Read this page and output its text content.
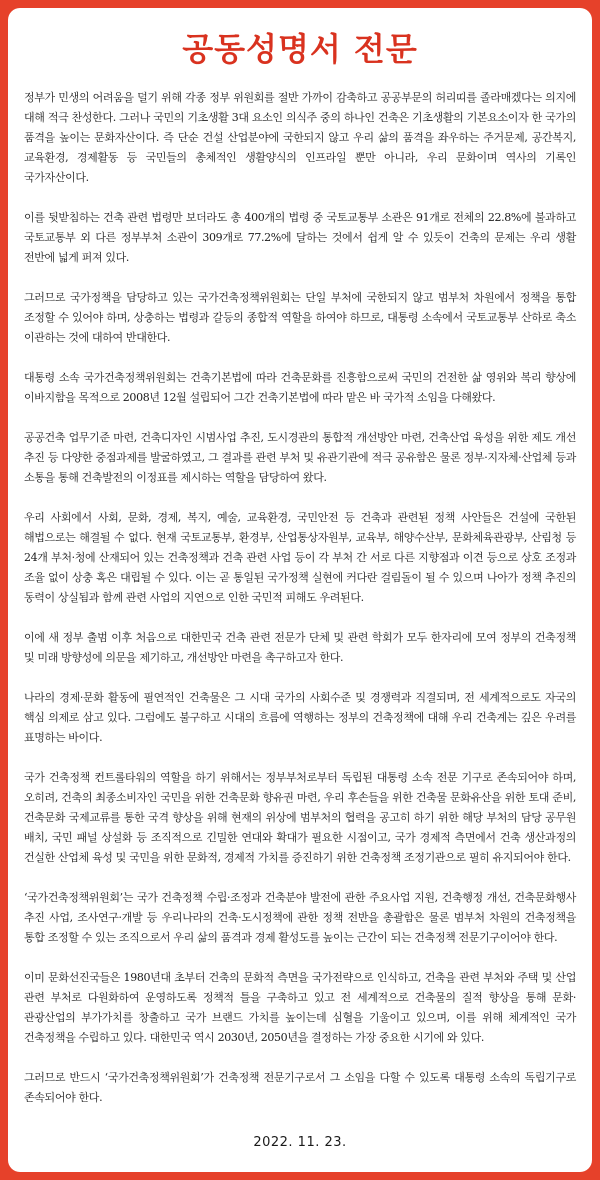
공동성명서 전문

정부가 민생의 어려움을 덜기 위해 각종 정부 위원회를 절반 가까이 감축하고 공공부문의 허리띠를 졸라매겠다는 의지에 대해 적극 찬성한다. 그러나 국민의 기초생활 3대 요소인 의식주 중의 하나인 건축은 기초생활의 기본요소이자 한 국가의 품격을 높이는 문화자산이다. 즉 단순 건설 산업분야에 국한되지 않고 우리 삶의 품격을 좌우하는 주거문제, 공간복지, 교육환경, 경제활동 등 국민들의 총체적인 생활양식의 인프라일 뿐만 아니라, 우리 문화이며 역사의 기록인 국가자산이다.

이를 뒷받침하는 건축 관련 법령만 보더라도 총 400개의 법령 중 국토교통부 소관은 91개로 전체의 22.8%에 불과하고 국토교통부 외 다른 정부부처 소관이 309개로 77.2%에 달하는 것에서 쉽게 알 수 있듯이 건축의 문제는 우리 생활 전반에 넓게 퍼져 있다.

그러므로 국가정책을 담당하고 있는 국가건축정책위원회는 단일 부처에 국한되지 않고 범부처 차원에서 정책을 통합 조정할 수 있어야 하며, 상충하는 법령과 갈등의 종합적 역할을 하여야 하므로, 대통령 소속에서 국토교통부 산하로 축소 이관하는 것에 대하여 반대한다.

대통령 소속 국가건축정책위원회는 건축기본법에 따라 건축문화를 진흥함으로써 국민의 건전한 삶 영위와 복리 향상에 이바지함을 목적으로 2008년 12월 설립되어 그간 건축기본법에 따라 맡은 바 국가적 소임을 다해왔다.

공공건축 업무기준 마련, 건축디자인 시범사업 추진, 도시경관의 통합적 개선방안 마련, 건축산업 육성을 위한 제도 개선 추진 등 다양한 중점과제를 발굴하였고, 그 결과를 관련 부처 및 유관기관에 적극 공유함은 물론 정부·지자체·산업체 등과 소통을 통해 건축발전의 이정표를 제시하는 역할을 담당하여 왔다.

우리 사회에서 사회, 문화, 경제, 복지, 예술, 교육환경, 국민안전 등 건축과 관련된 정책 사안들은 건설에 국한된 해법으로는 해결될 수 없다. 현재 국토교통부, 환경부, 산업통상자원부, 교육부, 해양수산부, 문화체육관광부, 산림청 등 24개 부처·청에 산재되어 있는 건축정책과 건축 관련 사업 등이 각 부처 간 서로 다른 지향점과 이견 등으로 상호 조정과 조율 없이 상충 혹은 대립될 수 있다. 이는 곧 통일된 국가정책 실현에 커다란 걸림돌이 될 수 있으며 나아가 정책 추진의 동력이 상실됨과 함께 관련 사업의 지연으로 인한 국민적 피해도 우려된다.

이에 새 정부 출범 이후 처음으로 대한민국 건축 관련 전문가 단체 및 관련 학회가 모두 한자리에 모여 정부의 건축정책 및 미래 방향성에 의문을 제기하고, 개선방안 마련을 촉구하고자 한다.

나라의 경제·문화 활동에 필연적인 건축물은 그 시대 국가의 사회수준 및 경쟁력과 직결되며, 전 세계적으로도 자국의 핵심 의제로 삼고 있다. 그럼에도 불구하고 시대의 흐름에 역행하는 정부의 건축정책에 대해 우리 건축계는 깊은 우려를 표명하는 바이다.

국가 건축정책 컨트롤타워의 역할을 하기 위해서는 정부부처로부터 독립된 대통령 소속 전문 기구로 존속되어야 하며, 오히려, 건축의 최종소비자인 국민을 위한 건축문화 향유권 마련, 우리 후손들을 위한 건축물 문화유산을 위한 토대 준비, 건축문화 국제교류를 통한 국격 향상을 위해 현재의 위상에 범부처의 협력을 공고히 하기 위한 해당 부처의 담당 공무원 배치, 국민 패널 상설화 등 조직적으로 긴밀한 연대와 확대가 필요한 시점이고, 국가 경제적 측면에서 건축 생산과정의 건실한 산업체 육성 및 국민을 위한 문화적, 경제적 가치를 증진하기 위한 건축정책 조정기관으로 필히 유지되어야 한다.

‘국가건축정책위원회’는 국가 건축정책 수립·조정과 건축분야 발전에 관한 주요사업 지원, 건축행정 개선, 건축문화행사 추진 사업, 조사연구·개발 등 우리나라의 건축·도시정책에 관한 정책 전반을 총괄함은 물론 범부처 차원의 건축정책을 통합 조정할 수 있는 조직으로서 우리 삶의 품격과 경제 활성도를 높이는 근간이 되는 건축정책 전문기구이어야 한다.

이미 문화선진국들은 1980년대 초부터 건축의 문화적 측면을 국가전략으로 인식하고, 건축을 관련 부처와 주택 및 산업 관련 부처로 다원화하여 운영하도록 정책적 틀을 구축하고 있고 전 세계적으로 건축물의 질적 향상을 통해 문화·관광산업의 부가가치를 창출하고 국가 브랜드 가치를 높이는데 심혈을 기울이고 있으며, 이를 위해 체계적인 국가 건축정책을 수립하고 있다. 대한민국 역시 2030년, 2050년을 결정하는 가장 중요한 시기에 와 있다.

그러므로 반드시 ‘국가건축정책위원회’가 건축정책 전문기구로서 그 소임을 다할 수 있도록 대통령 소속의 독립기구로 존속되어야 한다.

2022. 11. 23.
